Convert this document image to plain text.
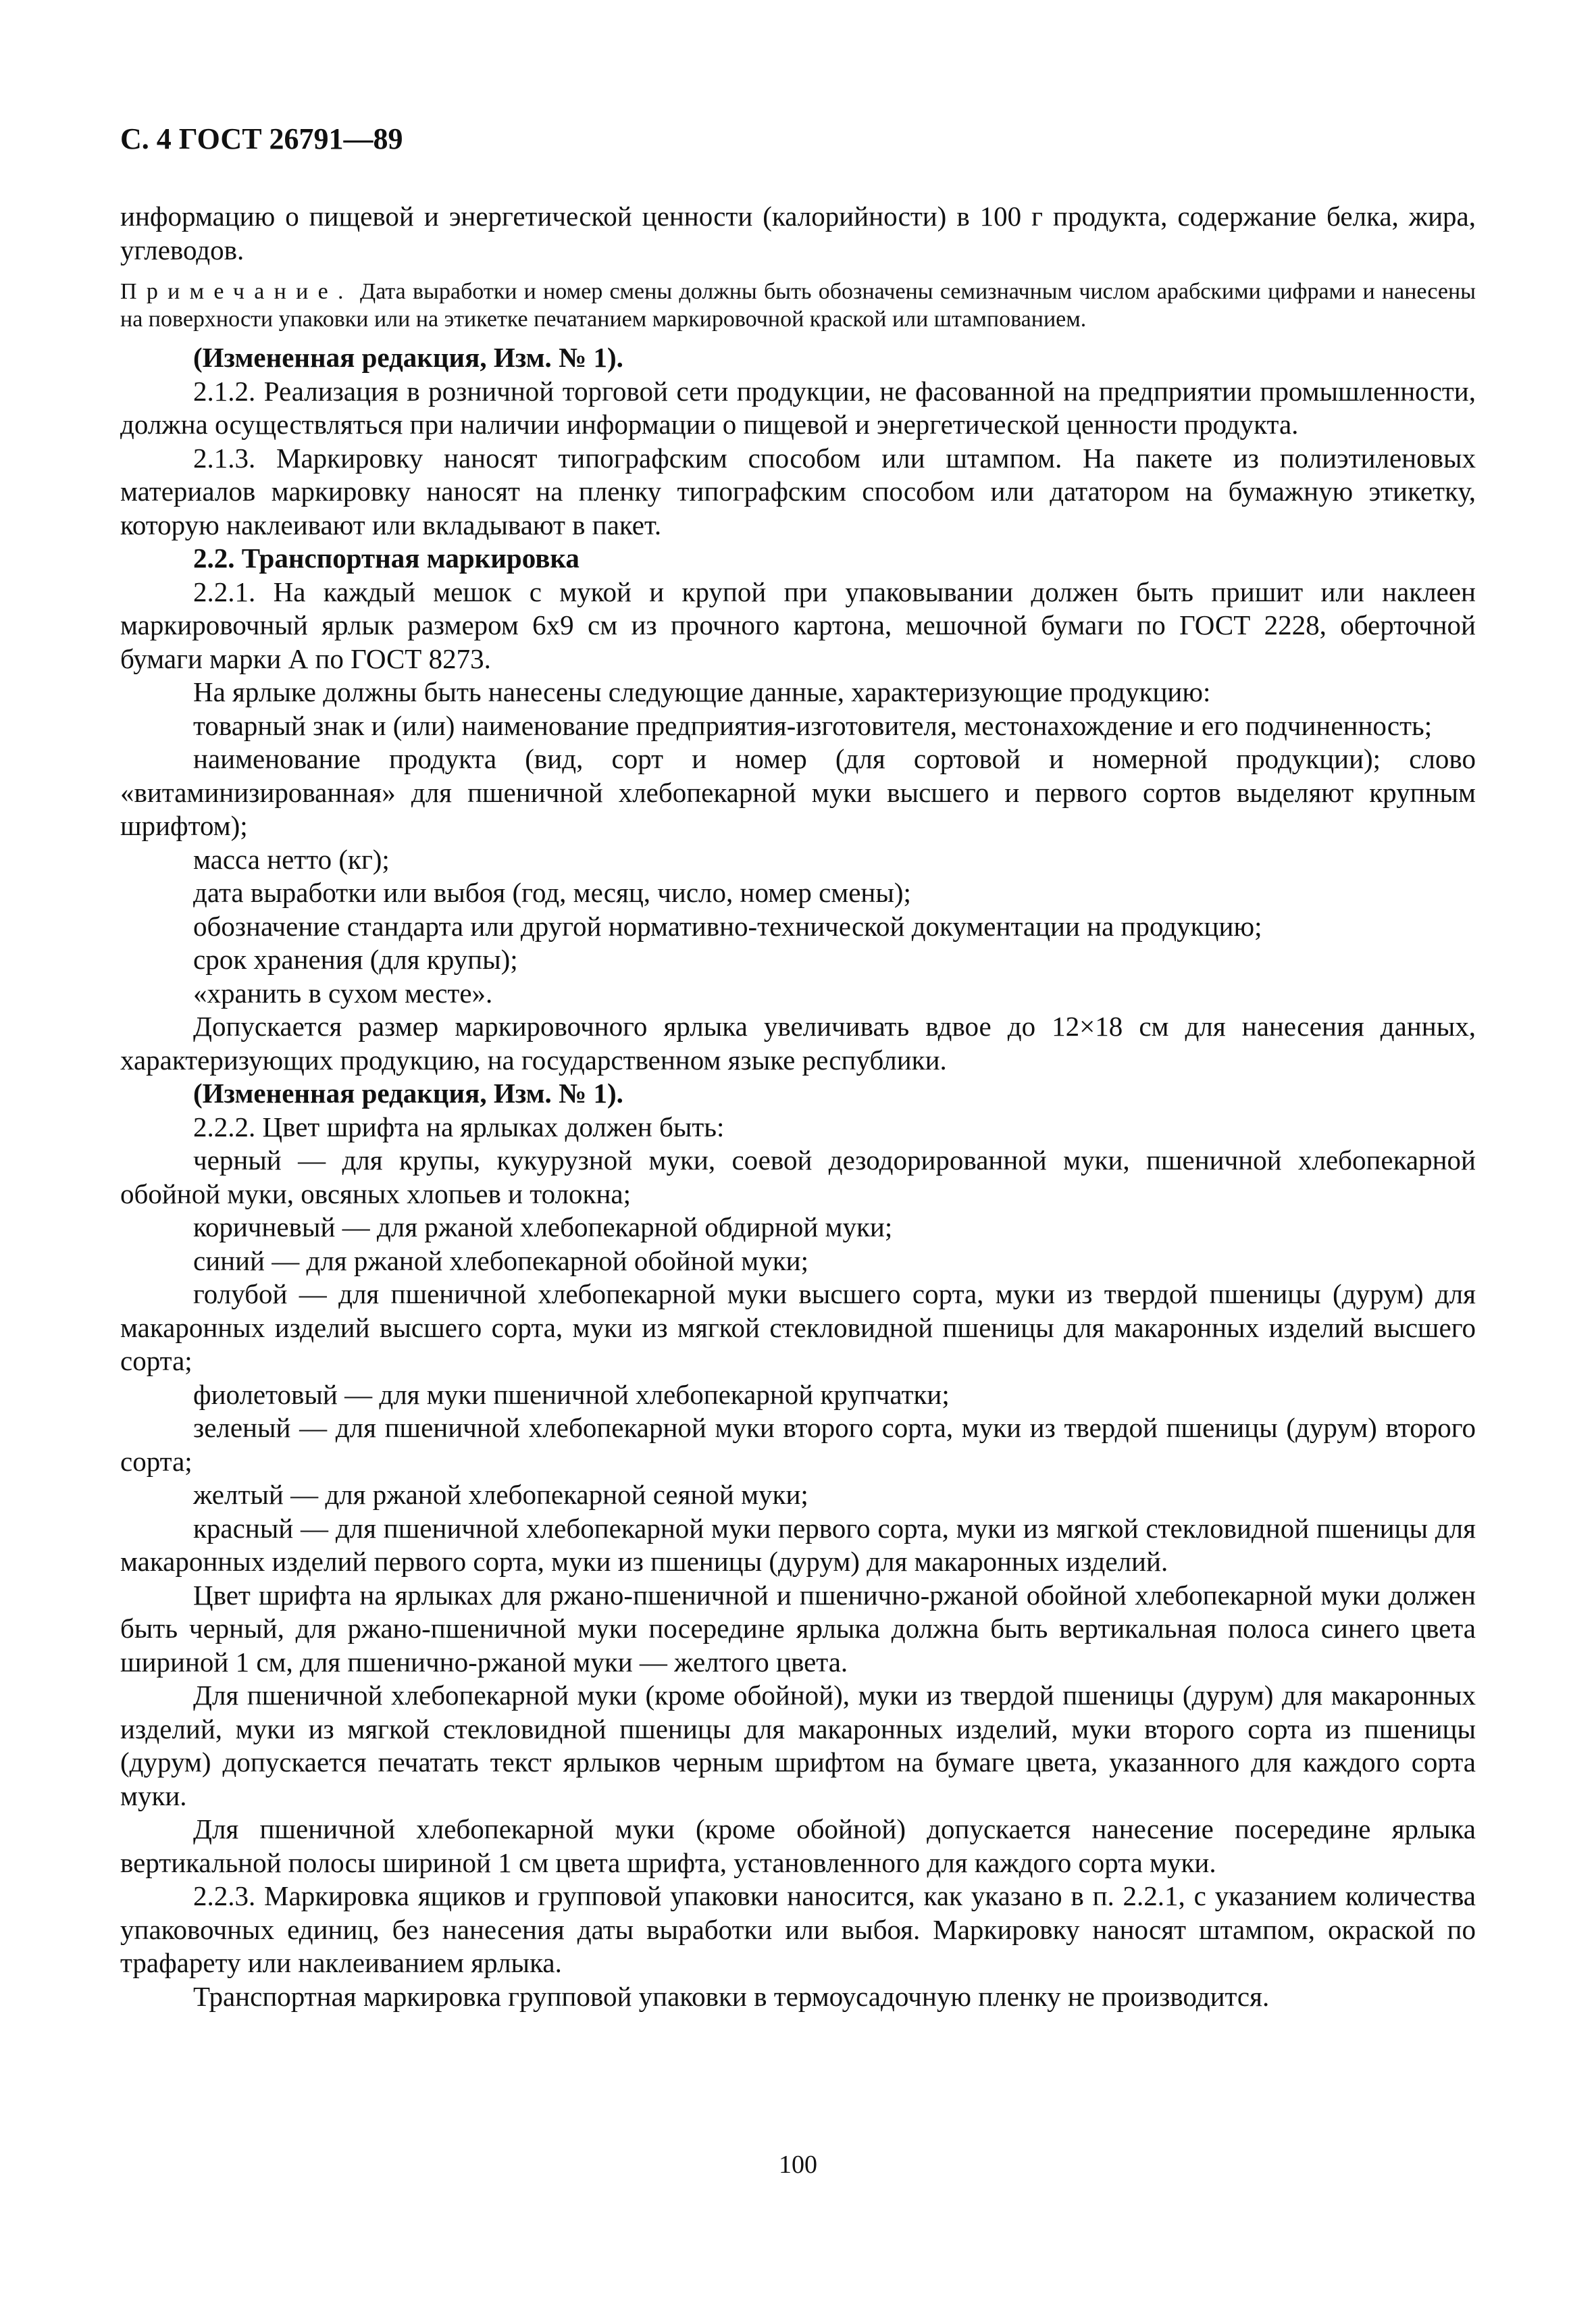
С. 4 ГОСТ 26791—89

информацию о пищевой и энергетической ценности (калорийности) в 100 г продукта, содержание белка, жира, углеводов.

Примечание. Дата выработки и номер смены должны быть обозначены семизначным числом арабскими цифрами и нанесены на поверхности упаковки или на этикетке печатанием маркировочной краской или штампованием.

(Измененная редакция, Изм. № 1).

2.1.2. Реализация в розничной торговой сети продукции, не фасованной на предприятии промышленности, должна осуществляться при наличии информации о пищевой и энергетической ценности продукта.

2.1.3. Маркировку наносят типографским способом или штампом. На пакете из полиэтиленовых материалов маркировку наносят на пленку типографским способом или дататором на бумажную этикетку, которую наклеивают или вкладывают в пакет.

2.2. Транспортная маркировка

2.2.1. На каждый мешок с мукой и крупой при упаковывании должен быть пришит или наклеен маркировочный ярлык размером 6х9 см из прочного картона, мешочной бумаги по ГОСТ 2228, оберточной бумаги марки А по ГОСТ 8273.

На ярлыке должны быть нанесены следующие данные, характеризующие продукцию:

товарный знак и (или) наименование предприятия-изготовителя, местонахождение и его подчиненность;

наименование продукта (вид, сорт и номер (для сортовой и номерной продукции); слово «витаминизированная» для пшеничной хлебопекарной муки высшего и первого сортов выделяют крупным шрифтом);

масса нетто (кг);

дата выработки или выбоя (год, месяц, число, номер смены);

обозначение стандарта или другой нормативно-технической документации на продукцию;

срок хранения (для крупы);

«хранить в сухом месте».

Допускается размер маркировочного ярлыка увеличивать вдвое до 12×18 см для нанесения данных, характеризующих продукцию, на государственном языке республики.

(Измененная редакция, Изм. № 1).

2.2.2. Цвет шрифта на ярлыках должен быть:

черный — для крупы, кукурузной муки, соевой дезодорированной муки, пшеничной хлебопекарной обойной муки, овсяных хлопьев и толокна;

коричневый — для ржаной хлебопекарной обдирной муки;

синий — для ржаной хлебопекарной обойной муки;

голубой — для пшеничной хлебопекарной муки высшего сорта, муки из твердой пшеницы (дурум) для макаронных изделий высшего сорта, муки из мягкой стекловидной пшеницы для макаронных изделий высшего сорта;

фиолетовый — для муки пшеничной хлебопекарной крупчатки;

зеленый — для пшеничной хлебопекарной муки второго сорта, муки из твердой пшеницы (дурум) второго сорта;

желтый — для ржаной хлебопекарной сеяной муки;

красный — для пшеничной хлебопекарной муки первого сорта, муки из мягкой стекловидной пшеницы для макаронных изделий первого сорта, муки из пшеницы (дурум) для макаронных изделий.

Цвет шрифта на ярлыках для ржано-пшеничной и пшенично-ржаной обойной хлебопекарной муки должен быть черный, для ржано-пшеничной муки посередине ярлыка должна быть вертикальная полоса синего цвета шириной 1 см, для пшенично-ржаной муки — желтого цвета.

Для пшеничной хлебопекарной муки (кроме обойной), муки из твердой пшеницы (дурум) для макаронных изделий, муки из мягкой стекловидной пшеницы для макаронных изделий, муки второго сорта из пшеницы (дурум) допускается печатать текст ярлыков черным шрифтом на бумаге цвета, указанного для каждого сорта муки.

Для пшеничной хлебопекарной муки (кроме обойной) допускается нанесение посередине ярлыка вертикальной полосы шириной 1 см цвета шрифта, установленного для каждого сорта муки.

2.2.3. Маркировка ящиков и групповой упаковки наносится, как указано в п. 2.2.1, с указанием количества упаковочных единиц, без нанесения даты выработки или выбоя. Маркировку наносят штампом, окраской по трафарету или наклеиванием ярлыка.

Транспортная маркировка групповой упаковки в термоусадочную пленку не производится.

100
